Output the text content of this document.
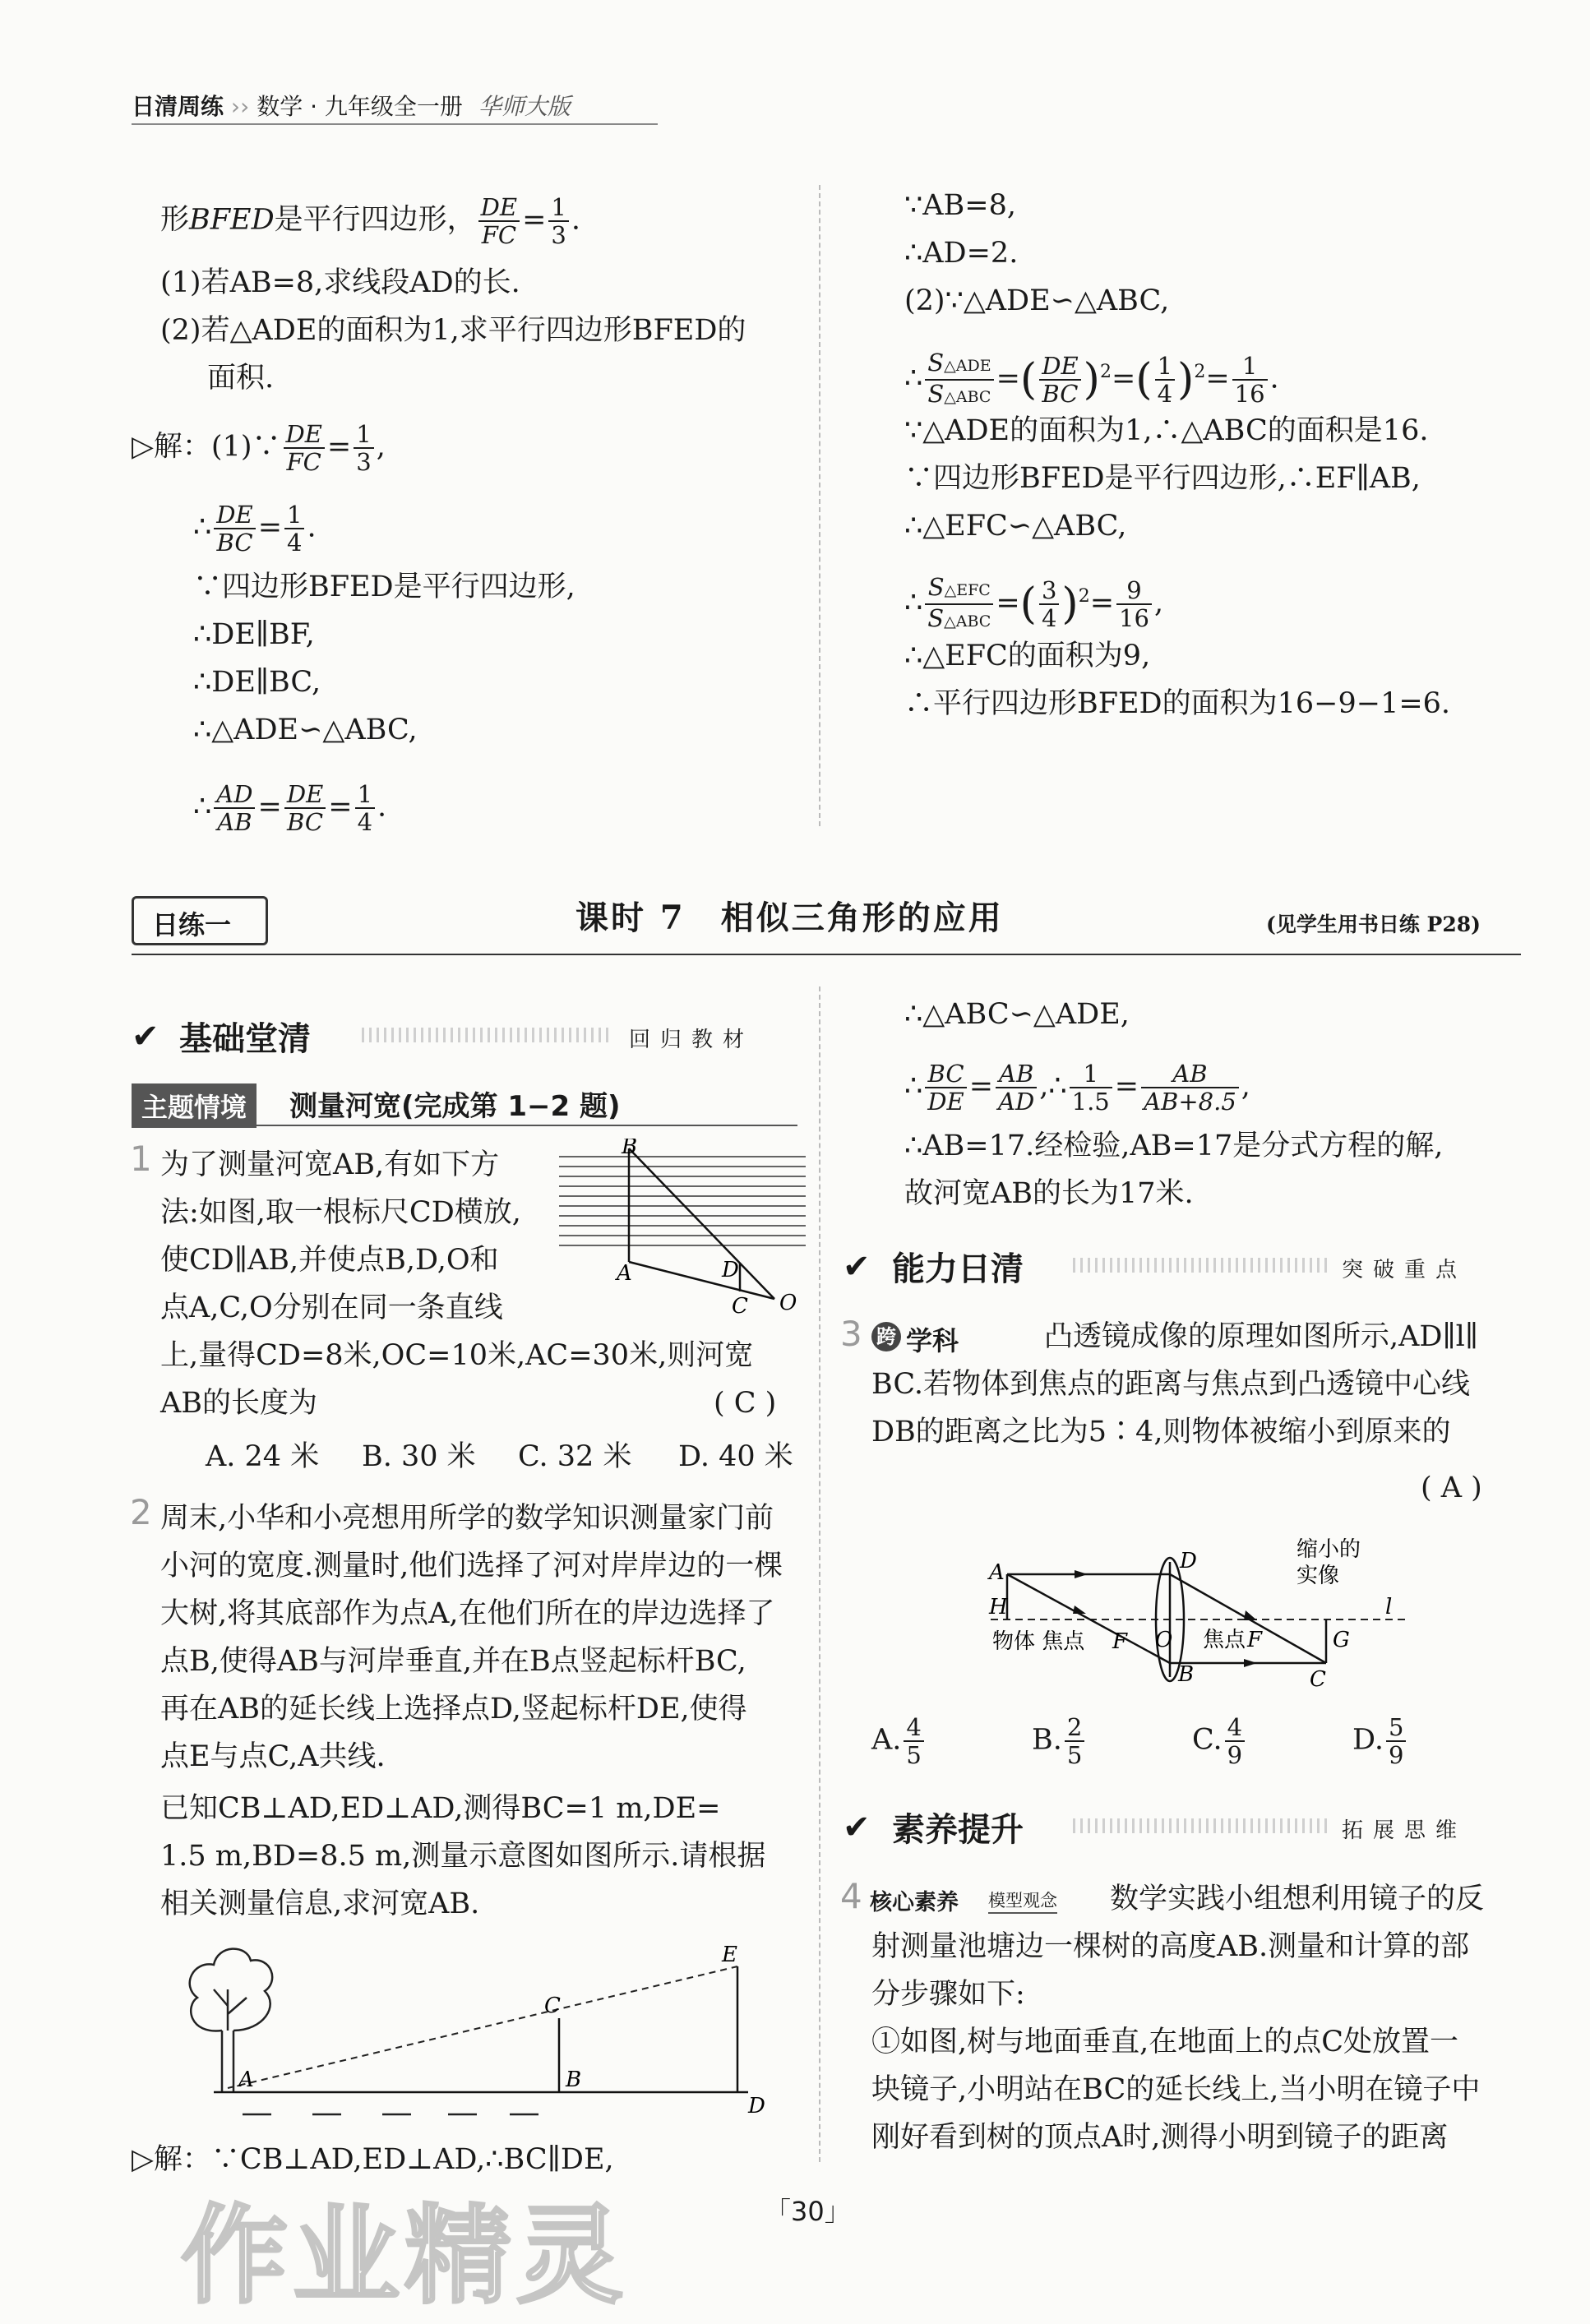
日清周练 ›› 数学 · 九年级全一册 华师大版
形BFED是平行四边形， $\frac{DE}{FC} = \frac{1}{3}$ .
(1)若AB=8,求线段AD的长.
(2)若△ADE的面积为1,求平行四边形BFED的
面积.
▷解：(1)∵ $\frac{DE}{FC} = \frac{1}{3}$ ,
∴ $\frac{DE}{BC} = \frac{1}{4}$ .
∵四边形BFED是平行四边形,
∴DE∥BF,
∴DE∥BC,
∴△ADE∽△ABC,
∴ $\frac{AD}{AB} = \frac{DE}{BC} = \frac{1}{4}$ .
∵AB=8,
∴AD=2.
(2)∵△ADE∽△ABC,
∴ $\frac{\text{S△ADE}}{\text{S△ABC}}$ =( $\frac{DE}{BC} )^2=( \frac{1}{4} )^2= \frac{1}{16}$ .
∵△ADE的面积为1,∴△ABC的面积是16.
∵四边形BFED是平行四边形,∴EF∥AB,
∴△EFC∽△ABC,
∴ $\frac{\text{S△EFC}}{\text{S△ABC}}$ =( $\frac{3}{4} )^2= \frac{9}{16}$ ,
∴△EFC的面积为9,
∴平行四边形BFED的面积为16−9−1=6.
日练一	课时 7　相似三角形的应用	(见学生用书日练 P28)
✔ 基础堂清	回归教材
主题情境	测量河宽(完成第 1−2 题)
1 为了测量河宽AB,有如下方
法:如图,取一根标尺CD横放,
使CD∥AB,并使点B,D,O和
点A,C,O分别在同一条直线
上,量得CD=8米,OC=10米,AC=30米,则河宽
AB的长度为	( C )
A. 24 米 B. 30 米 C. 32 米 D. 40 米
B
A	D
C O
2 周末,小华和小亮想用所学的数学知识测量家门前
小河的宽度.测量时,他们选择了河对岸岸边的一棵
大树,将其底部作为点A,在他们所在的岸边选择了
点B,使得AB与河岸垂直,并在B点竖起标杆BC,
再在AB的延长线上选择点D,竖起标杆DE,使得
点E与点C,A共线.
已知CB⊥AD,ED⊥AD,测得BC=1 m,DE=
1.5 m,BD=8.5 m,测量示意图如图所示.请根据
相关测量信息,求河宽AB.
A	B
C
D
E
▷解：∵CB⊥AD,ED⊥AD,∴BC∥DE,
∴△ABC∽△ADE,
∴ $\frac{BC}{DE} = \frac{AB}{AD}$ ,∴ $\frac{1}{1.5} = \frac{AB}{AB+8.5}$ ,
∴AB=17.经检验,AB=17是分式方程的解,
故河宽AB的长为17米.
✔ 能力日清	突破重点
3 跨 学科	凸透镜成像的原理如图所示,AD∥l∥
BC.若物体到焦点的距离与焦点到凸透镜中心线
DB的距离之比为5∶4,则物体被缩小到原来的
( A )
A
H
D
B
物体 焦点 F O 焦点 F	G
C
缩小的
实像
l
A. $\frac{4}{5}$	B. $\frac{2}{5}$	C. $\frac{4}{9}$	D. $\frac{5}{9}$
✔ 素养提升	拓展思维
4 核心素养 模型观念 数学实践小组想利用镜子的反
射测量池塘边一棵树的高度AB.测量和计算的部
分步骤如下:
①如图,树与地面垂直,在地面上的点C处放置一
块镜子,小明站在BC的延长线上,当小明在镜子中
刚好看到树的顶点A时,测得小明到镜子的距离
「30」
作业精灵
